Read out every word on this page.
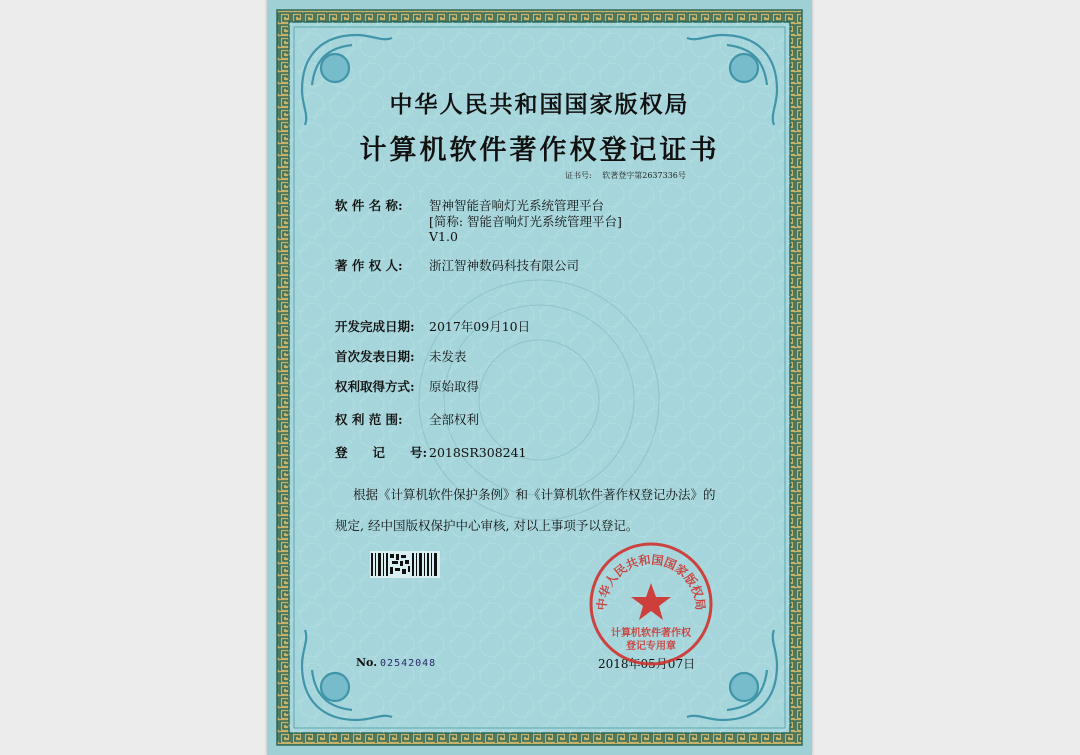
中华人民共和国国家版权局
计算机软件著作权登记证书
证书号: 软著登字第2637336号
软 件 名 称: 智神智能音响灯光系统管理平台
[简称: 智能音响灯光系统管理平台]
V1.0
著 作 权 人: 浙江智神数码科技有限公司
开发完成日期: 2017年09月10日
首次发表日期: 未发表
权利取得方式: 原始取得
权 利 范 围: 全部权利
登　　记　　号: 2018SR308241
根据《计算机软件保护条例》和《计算机软件著作权登记办法》的
规定, 经中国版权保护中心审核, 对以上事项予以登记。
No. 02542048	2018年05月07日
中华人民共和国国家版权局
计算机软件著作权
登记专用章
